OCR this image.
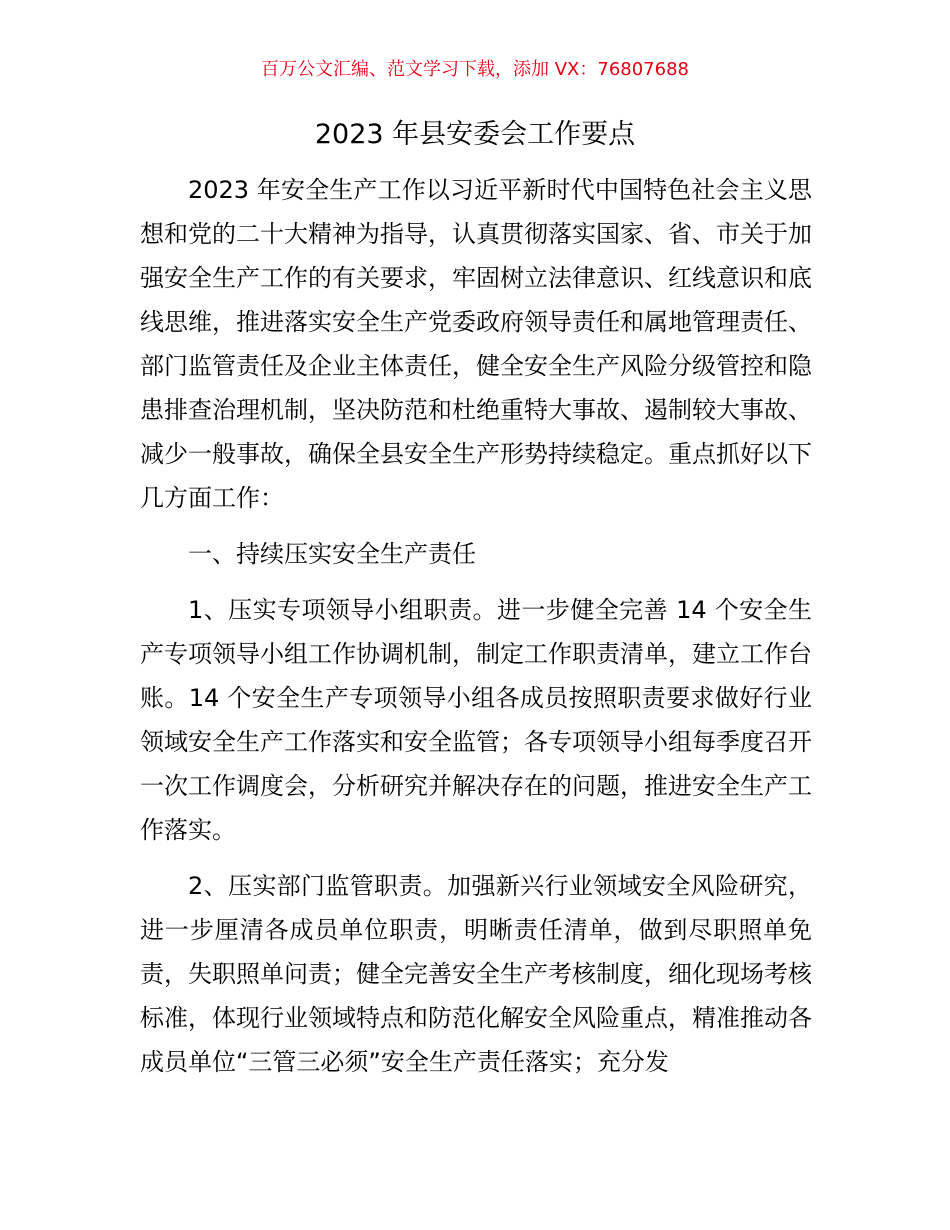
百万公文汇编、范文学习下载，添加 VX：76807688
2023 年县安委会工作要点

2023 年安全生产工作以习近平新时代中国特色社会主义思想和党的二十大精神为指导，认真贯彻落实国家、省、市关于加强安全生产工作的有关要求，牢固树立法律意识、红线意识和底线思维，推进落实安全生产党委政府领导责任和属地管理责任、部门监管责任及企业主体责任，健全安全生产风险分级管控和隐患排查治理机制，坚决防范和杜绝重特大事故、遏制较大事故、减少一般事故，确保全县安全生产形势持续稳定。重点抓好以下几方面工作：

一、持续压实安全生产责任

1、压实专项领导小组职责。进一步健全完善 14 个安全生产专项领导小组工作协调机制，制定工作职责清单，建立工作台账。14 个安全生产专项领导小组各成员按照职责要求做好行业领域安全生产工作落实和安全监管；各专项领导小组每季度召开一次工作调度会，分析研究并解决存在的问题，推进安全生产工作落实。

2、压实部门监管职责。加强新兴行业领域安全风险研究，进一步厘清各成员单位职责，明晰责任清单，做到尽职照单免责，失职照单问责；健全完善安全生产考核制度，细化现场考核标准，体现行业领域特点和防范化解安全风险重点，精准推动各成员单位“三管三必须”安全生产责任落实；充分发
